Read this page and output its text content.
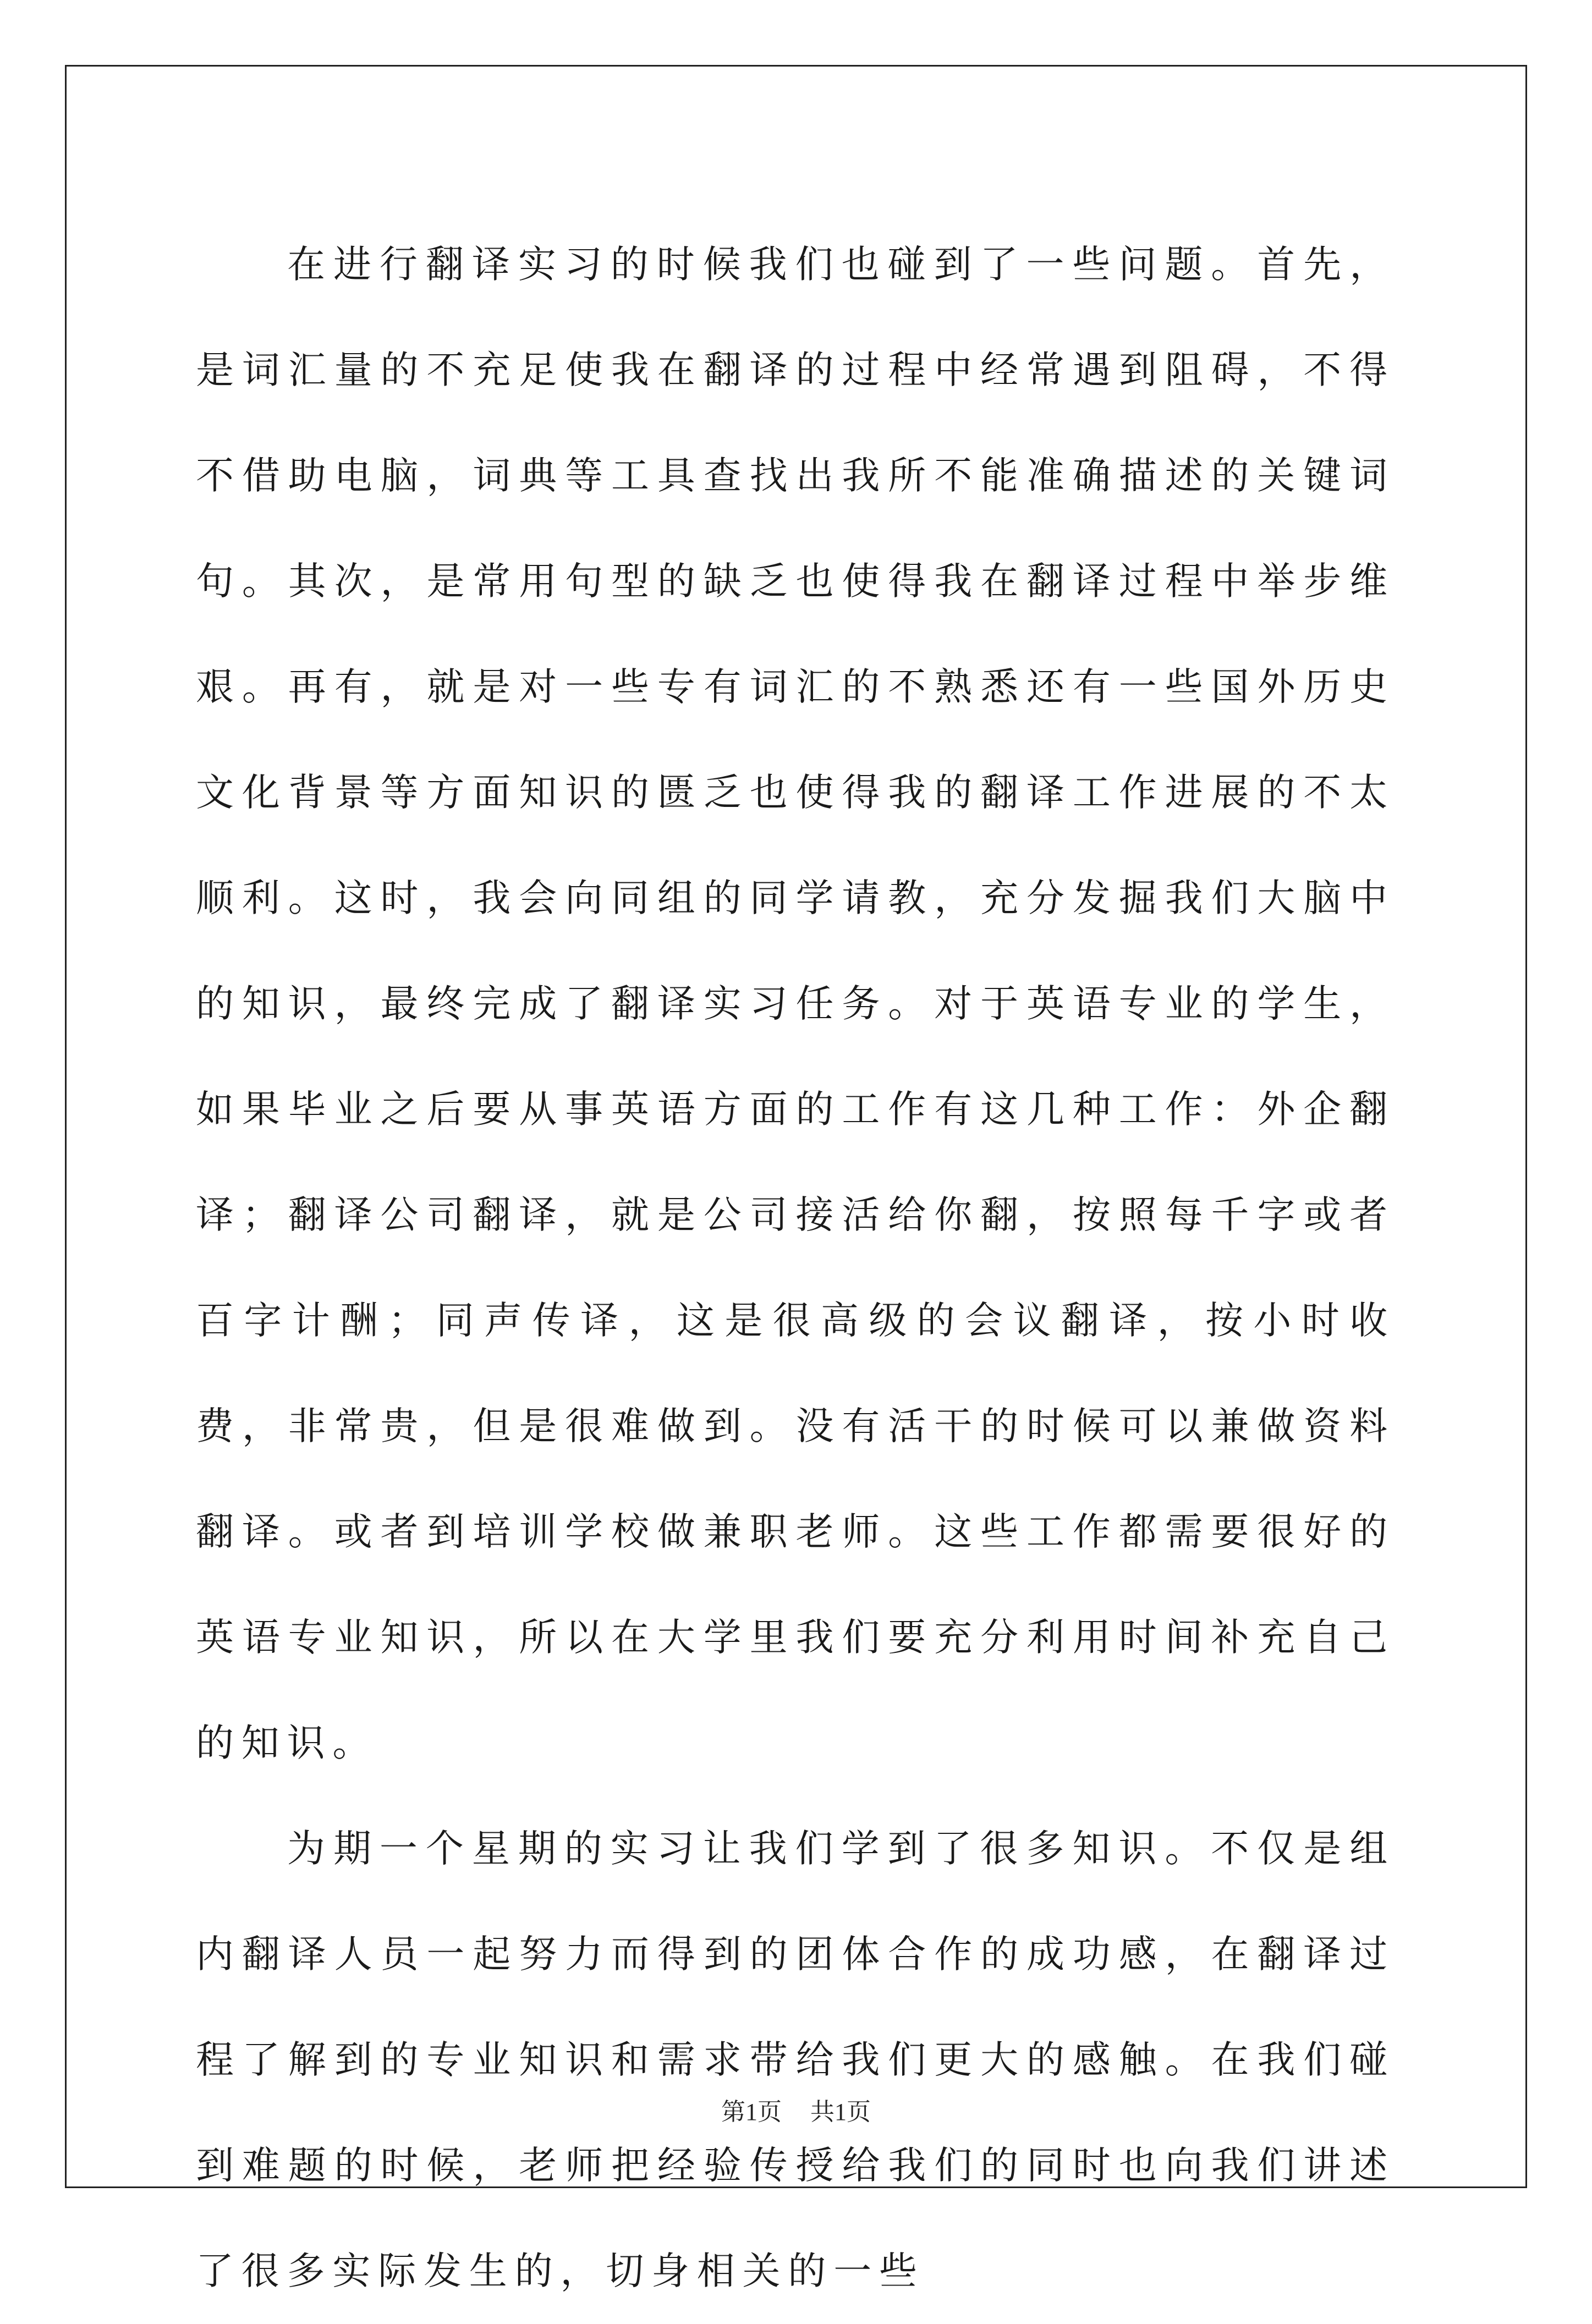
在进行翻译实习的时候我们也碰到了一些问题。首先，是词汇量的不充足使我在翻译的过程中经常遇到阻碍，不得不借助电脑，词典等工具查找出我所不能准确描述的关键词句。其次，是常用句型的缺乏也使得我在翻译过程中举步维艰。再有，就是对一些专有词汇的不熟悉还有一些国外历史文化背景等方面知识的匮乏也使得我的翻译工作进展的不太顺利。这时，我会向同组的同学请教，充分发掘我们大脑中的知识，最终完成了翻译实习任务。对于英语专业的学生，如果毕业之后要从事英语方面的工作有这几种工作：外企翻译；翻译公司翻译，就是公司接活给你翻，按照每千字或者百字计酬；同声传译，这是很高级的会议翻译，按小时收费，非常贵，但是很难做到。没有活干的时候可以兼做资料翻译。或者到培训学校做兼职老师。这些工作都需要很好的英语专业知识，所以在大学里我们要充分利用时间补充自己的知识。

为期一个星期的实习让我们学到了很多知识。不仅是组内翻译人员一起努力而得到的团体合作的成功感，在翻译过程了解到的专业知识和需求带给我们更大的感触。在我们碰到难题的时候，老师把经验传授给我们的同时也向我们讲述了很多实际发生的，切身相关的一些

第1页 共1页
